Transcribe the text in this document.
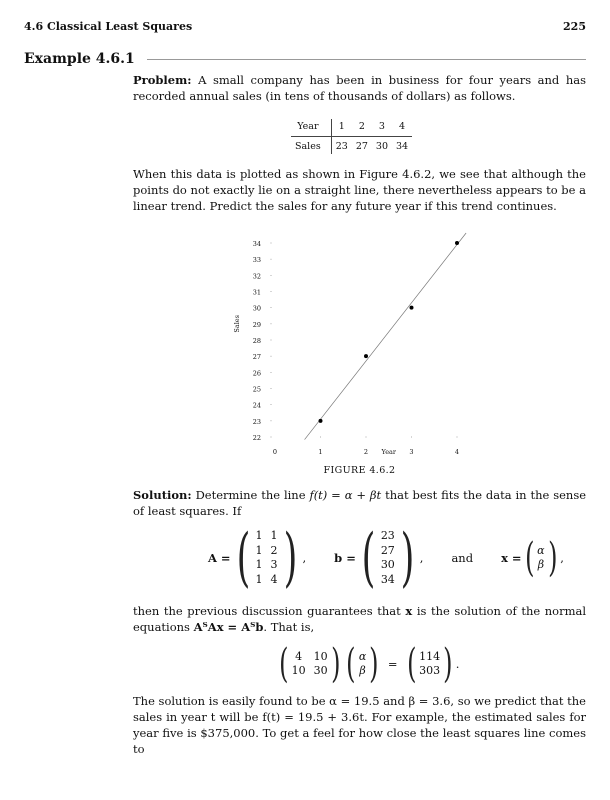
4.6 Classical Least Squares	225
Example 4.6.1
Problem: A small company has been in business for four years and has recorded annual sales (in tens of thousands of dollars) as follows.
Year	1	2	3	4
Sales	23	27	30	34
When this data is plotted as shown in Figure 4.6.2, we see that although the points do not exactly lie on a straight line, there nevertheless appears to be a linear trend. Predict the sales for any future year if this trend continues.
22
23
24
25
26
27
28
29
30
31
32
33
34
Sales
0	1	2	3	4
Year
FIGURE 4.6.2
Solution: Determine the line f(t) = α + βt that best fits the data in the sense of least squares. If
A = ( 1 1
1 2
1 3
1 4 ) , b = ( 23
27
30
34 ) , and x = ( α
β ) ,
then the previous discussion guarantees that x is the solution of the normal equations AᵀAx = Aᵀb. That is,
( 4	10
10 30 ) ( α
β ) = ( 114
303 ) .
The solution is easily found to be α = 19.5 and β = 3.6, so we predict that the sales in year t will be f(t) = 19.5 + 3.6t. For example, the estimated sales for year five is $375,000. To get a feel for how close the least squares line comes to
